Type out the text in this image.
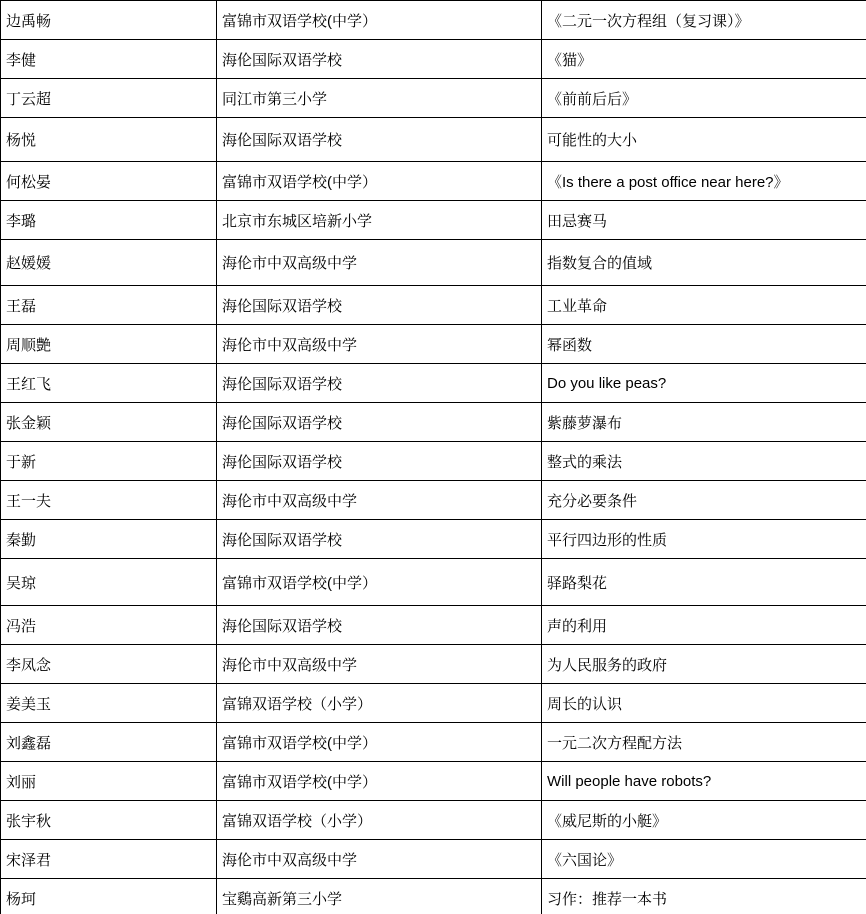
边禹畅	富锦市双语学校(中学）	《二元一次方程组（复习课）》
李健	海伦国际双语学校	《猫》
丁云超	同江市第三小学	《前前后后》
杨悦	海伦国际双语学校	可能性的大小
何松晏	富锦市双语学校(中学）	《Is there a post office near here?》
李璐	北京市东城区培新小学	田忌赛马
赵媛媛	海伦市中双高级中学	指数复合的值域
王磊	海伦国际双语学校	工业革命
周顺艶	海伦市中双高级中学	幂函数
王红飞	海伦国际双语学校	Do you like peas?
张金颖	海伦国际双语学校	紫藤萝瀑布
于新	海伦国际双语学校	整式的乘法
王一夫	海伦市中双高级中学	充分必要条件
秦勤	海伦国际双语学校	平行四边形的性质
吴琼	富锦市双语学校(中学）	驿路梨花
冯浩	海伦国际双语学校	声的利用
李凤念	海伦市中双高级中学	为人民服务的政府
姜美玉	富锦双语学校（小学）	周长的认识
刘鑫磊	富锦市双语学校(中学）	一元二次方程配方法
刘丽	富锦市双语学校(中学）	Will people have robots?
张宇秋	富锦双语学校（小学）	《威尼斯的小艇》
宋泽君	海伦市中双高级中学	《六国论》
杨珂	宝鷄高新第三小学	习作：推荐一本书
